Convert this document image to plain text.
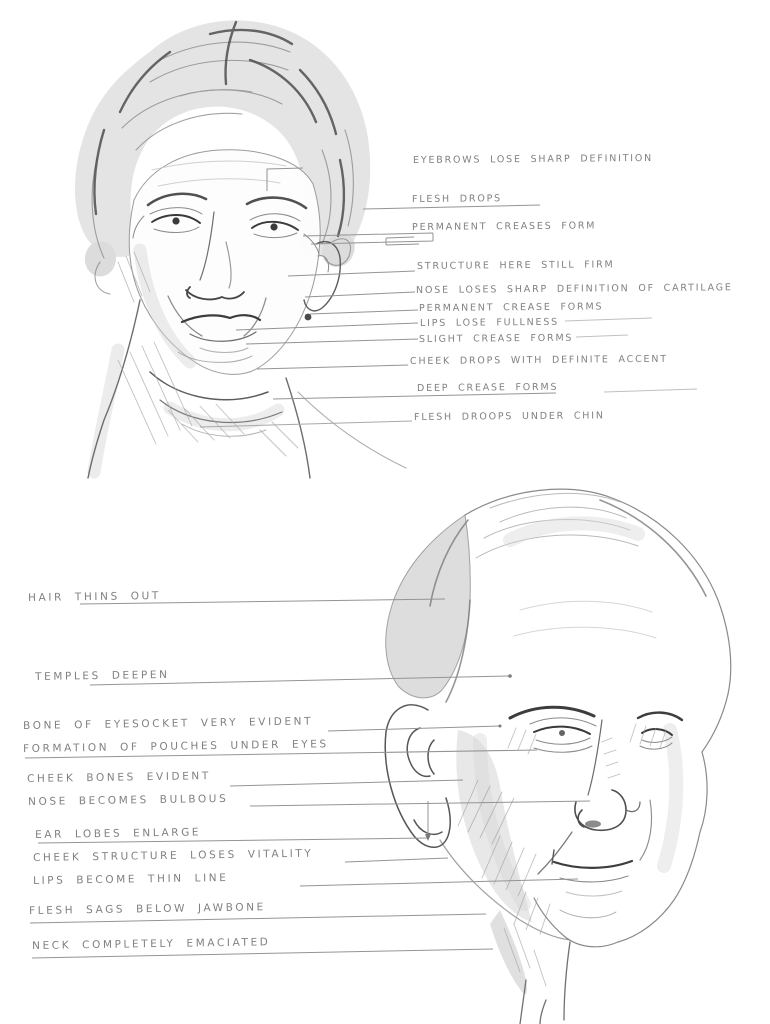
EYEBROWS LOSE SHARP DEFINITION
FLESH DROPS
PERMANENT CREASES FORM
STRUCTURE HERE STILL FIRM
NOSE LOSES SHARP DEFINITION OF CARTILAGE
PERMANENT CREASE FORMS
LIPS LOSE FULLNESS
SLIGHT CREASE FORMS
CHEEK DROPS WITH DEFINITE ACCENT
DEEP CREASE FORMS
FLESH DROOPS UNDER CHIN
HAIR THINS OUT
TEMPLES DEEPEN
BONE OF EYESOCKET VERY EVIDENT
FORMATION OF POUCHES UNDER EYES
CHEEK BONES EVIDENT
NOSE BECOMES BULBOUS
EAR LOBES ENLARGE
CHEEK STRUCTURE LOSES VITALITY
LIPS BECOME THIN LINE
FLESH SAGS BELOW JAWBONE
NECK COMPLETELY EMACIATED
